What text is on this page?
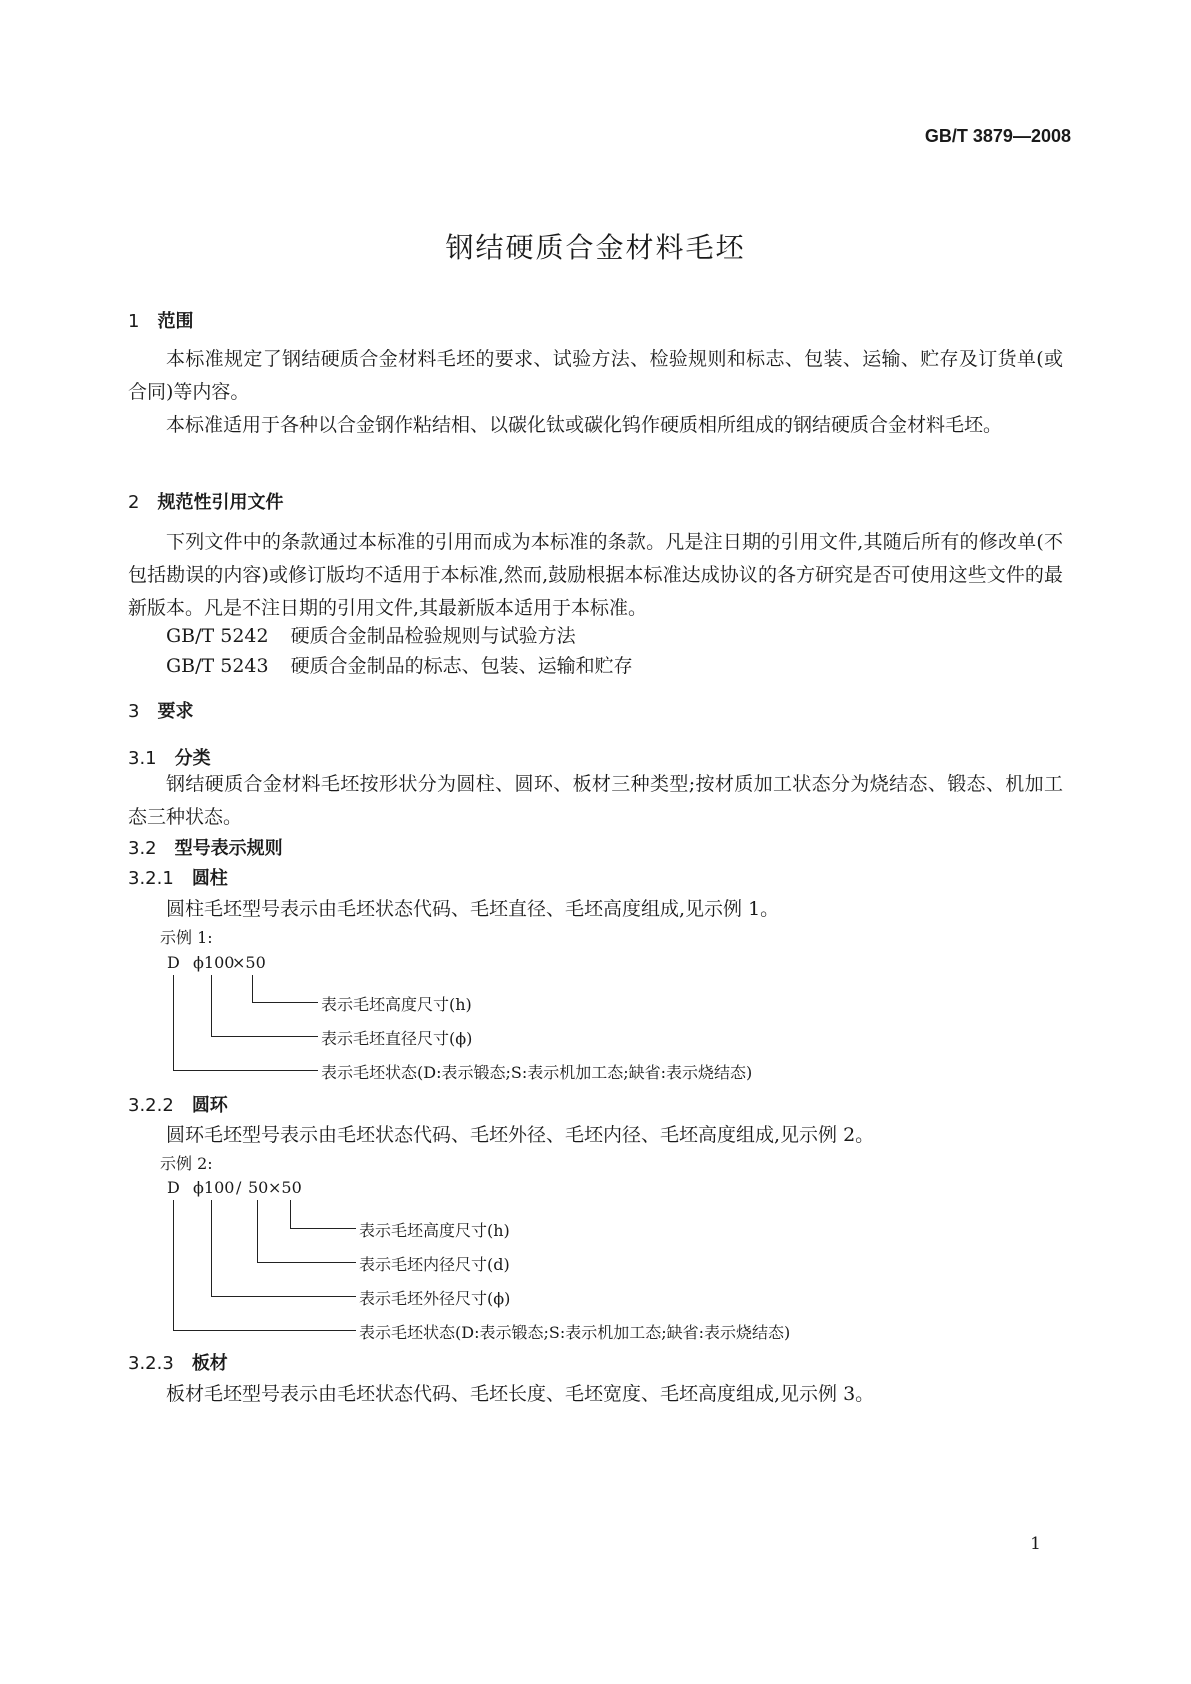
GB/T 3879—2008
钢结硬质合金材料毛坯
1 范围

本标准规定了钢结硬质合金材料毛坯的要求、试验方法、检验规则和标志、包装、运输、贮存及订货单(或合同)等内容。

本标准适用于各种以合金钢作粘结相、以碳化钛或碳化钨作硬质相所组成的钢结硬质合金材料毛坯。

2 规范性引用文件

下列文件中的条款通过本标准的引用而成为本标准的条款。凡是注日期的引用文件,其随后所有的修改单(不包括勘误的内容)或修订版均不适用于本标准,然而,鼓励根据本标准达成协议的各方研究是否可使用这些文件的最新版本。凡是不注日期的引用文件,其最新版本适用于本标准。

GB/T 5242 硬质合金制品检验规则与试验方法
GB/T 5243 硬质合金制品的标志、包装、运输和贮存
3 要求
3.1 分类

钢结硬质合金材料毛坯按形状分为圆柱、圆环、板材三种类型;按材质加工状态分为烧结态、锻态、机加工态三种状态。

3.2 型号表示规则
3.2.1 圆柱
圆柱毛坯型号表示由毛坯状态代码、毛坯直径、毛坯高度组成,见示例 1。
示例 1:
D ϕ100
×50
表示毛坯高度尺寸(h)
表示毛坯直径尺寸(ϕ)
表示毛坯状态(D:表示锻态;S:表示机加工态;缺省:表示烧结态)
3.2.2 圆环
圆环毛坯型号表示由毛坯状态代码、毛坯外径、毛坯内径、毛坯高度组成,见示例 2。
示例 2:
D ϕ100 / 50 ×50
表示毛坯高度尺寸(h)
表示毛坯内径尺寸(d)
表示毛坯外径尺寸(ϕ)
表示毛坯状态(D:表示锻态;S:表示机加工态;缺省:表示烧结态)
3.2.3 板材
板材毛坯型号表示由毛坯状态代码、毛坯长度、毛坯宽度、毛坯高度组成,见示例 3。
1
